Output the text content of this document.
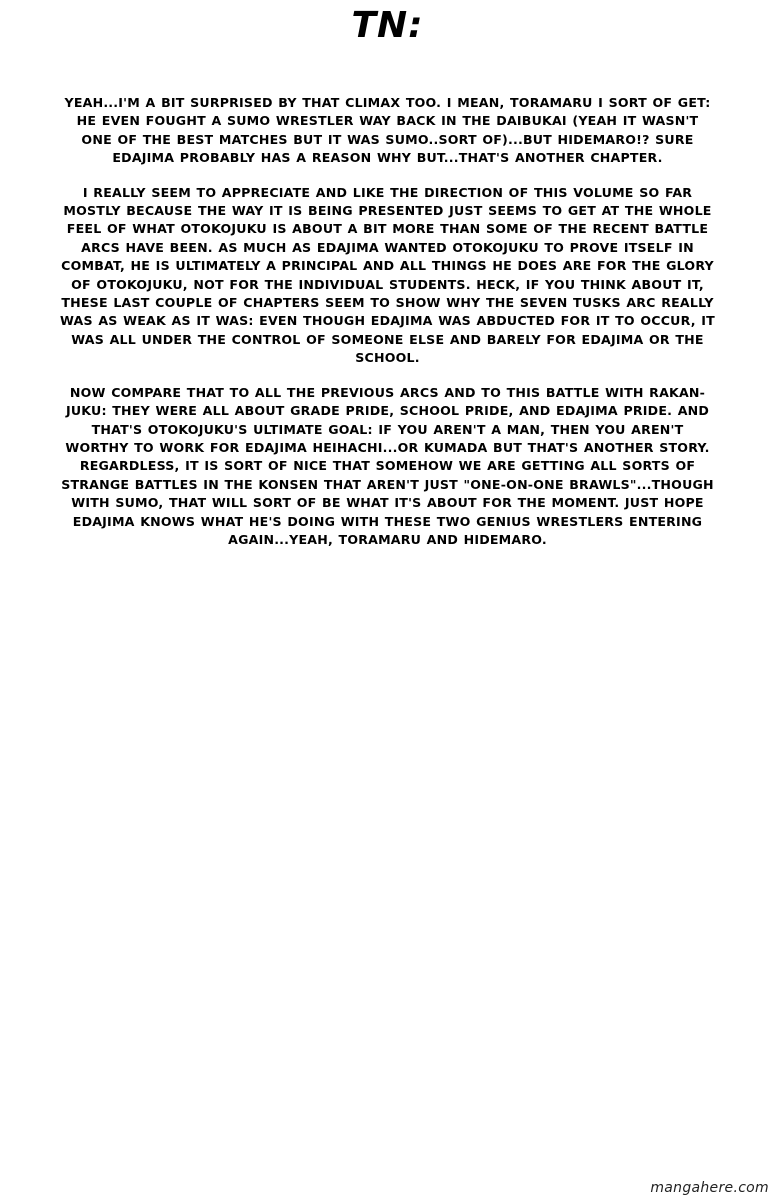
TN:

YEAH...I'M A BIT SURPRISED BY THAT CLIMAX TOO. I MEAN, TORAMARU I SORT OF GET: HE EVEN FOUGHT A SUMO WRESTLER WAY BACK IN THE DAIBUKAI (YEAH IT WASN'T ONE OF THE BEST MATCHES BUT IT WAS SUMO..SORT OF)...BUT HIDEMARO!? SURE EDAJIMA PROBABLY HAS A REASON WHY BUT...THAT'S ANOTHER CHAPTER.

I REALLY SEEM TO APPRECIATE AND LIKE THE DIRECTION OF THIS VOLUME SO FAR MOSTLY BECAUSE THE WAY IT IS BEING PRESENTED JUST SEEMS TO GET AT THE WHOLE FEEL OF WHAT OTOKOJUKU IS ABOUT A BIT MORE THAN SOME OF THE RECENT BATTLE ARCS HAVE BEEN. AS MUCH AS EDAJIMA WANTED OTOKOJUKU TO PROVE ITSELF IN COMBAT, HE IS ULTIMATELY A PRINCIPAL AND ALL THINGS HE DOES ARE FOR THE GLORY OF OTOKOJUKU, NOT FOR THE INDIVIDUAL STUDENTS. HECK, IF YOU THINK ABOUT IT, THESE LAST COUPLE OF CHAPTERS SEEM TO SHOW WHY THE SEVEN TUSKS ARC REALLY WAS AS WEAK AS IT WAS: EVEN THOUGH EDAJIMA WAS ABDUCTED FOR IT TO OCCUR, IT WAS ALL UNDER THE CONTROL OF SOMEONE ELSE AND BARELY FOR EDAJIMA OR THE SCHOOL.

NOW COMPARE THAT TO ALL THE PREVIOUS ARCS AND TO THIS BATTLE WITH RAKAN-JUKU: THEY WERE ALL ABOUT GRADE PRIDE, SCHOOL PRIDE, AND EDAJIMA PRIDE. AND THAT'S OTOKOJUKU'S ULTIMATE GOAL: IF YOU AREN'T A MAN, THEN YOU AREN'T WORTHY TO WORK FOR EDAJIMA HEIHACHI...OR KUMADA BUT THAT'S ANOTHER STORY. REGARDLESS, IT IS SORT OF NICE THAT SOMEHOW WE ARE GETTING ALL SORTS OF STRANGE BATTLES IN THE KONSEN THAT AREN'T JUST "ONE-ON-ONE BRAWLS"...THOUGH WITH SUMO, THAT WILL SORT OF BE WHAT IT'S ABOUT FOR THE MOMENT. JUST HOPE EDAJIMA KNOWS WHAT HE'S DOING WITH THESE TWO GENIUS WRESTLERS ENTERING AGAIN...YEAH, TORAMARU AND HIDEMARO.

mangahere.com
